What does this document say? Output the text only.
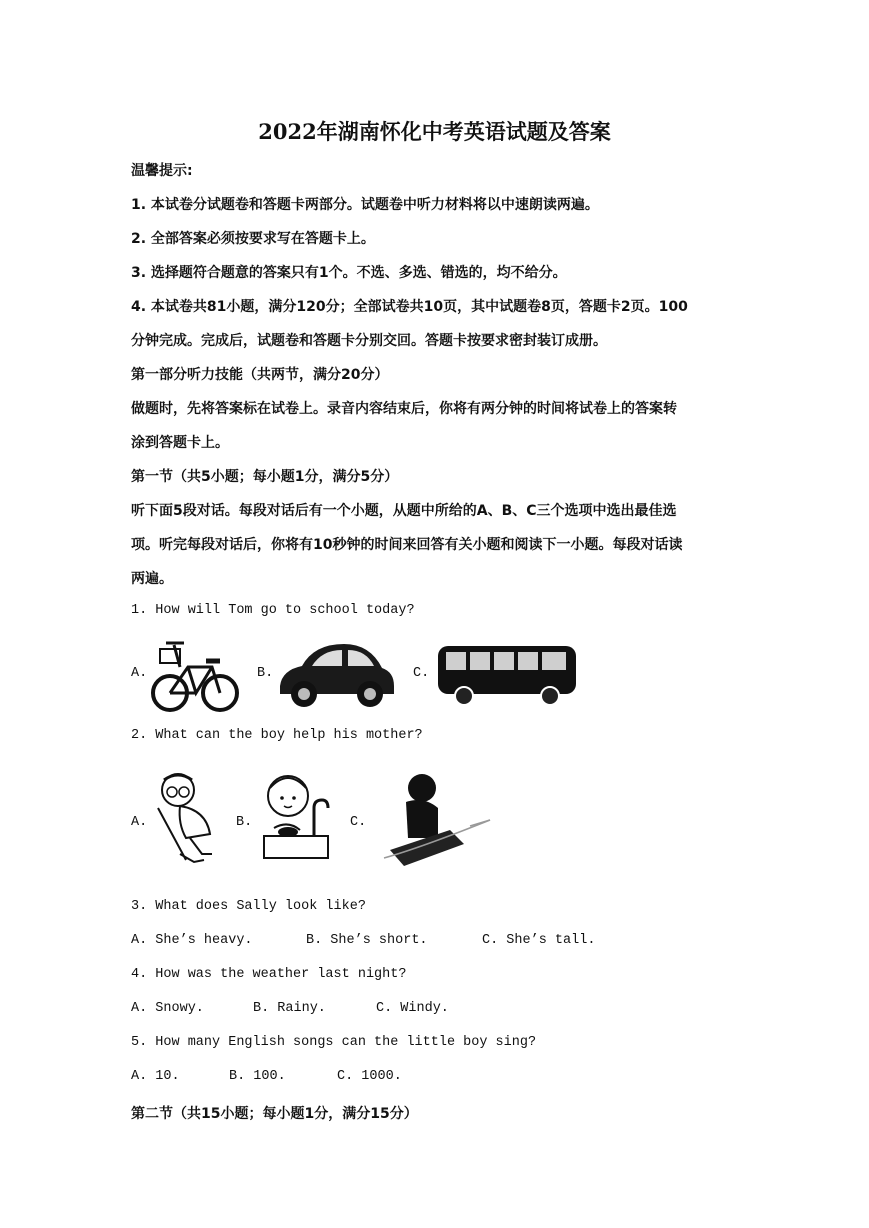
2022年湖南怀化中考英语试题及答案
温馨提示:
1. 本试卷分试题卷和答题卡两部分。试题卷中听力材料将以中速朗读两遍。
2. 全部答案必须按要求写在答题卡上。
3. 选择题符合题意的答案只有1个。不选、多选、错选的，均不给分。
4. 本试卷共81小题，满分120分；全部试卷共10页，其中试题卷8页，答题卡2页。100
分钟完成。完成后，试题卷和答题卡分别交回。答题卡按要求密封装订成册。
第一部分听力技能（共两节，满分20分）
做题时，先将答案标在试卷上。录音内容结束后，你将有两分钟的时间将试卷上的答案转
涂到答题卡上。
第一节（共5小题；每小题1分，满分5分）
听下面5段对话。每段对话后有一个小题，从题中所给的A、B、C三个选项中选出最佳选
项。听完每段对话后，你将有10秒钟的时间来回答有关小题和阅读下一小题。每段对话读
两遍。
1. How will Tom go to school today?
A.	B.	C.
2. What can the boy help his mother?
A.	B.	C.
3. What does Sally look like?
A. She’s heavy.	B. She’s short.	C. She’s tall.
4. How was the weather last night?
A. Snowy.	B. Rainy.	C. Windy.
5. How many English songs can the little boy sing?
A. 10.	B. 100.	C. 1000.
第二节（共15小题；每小题1分，满分15分）
